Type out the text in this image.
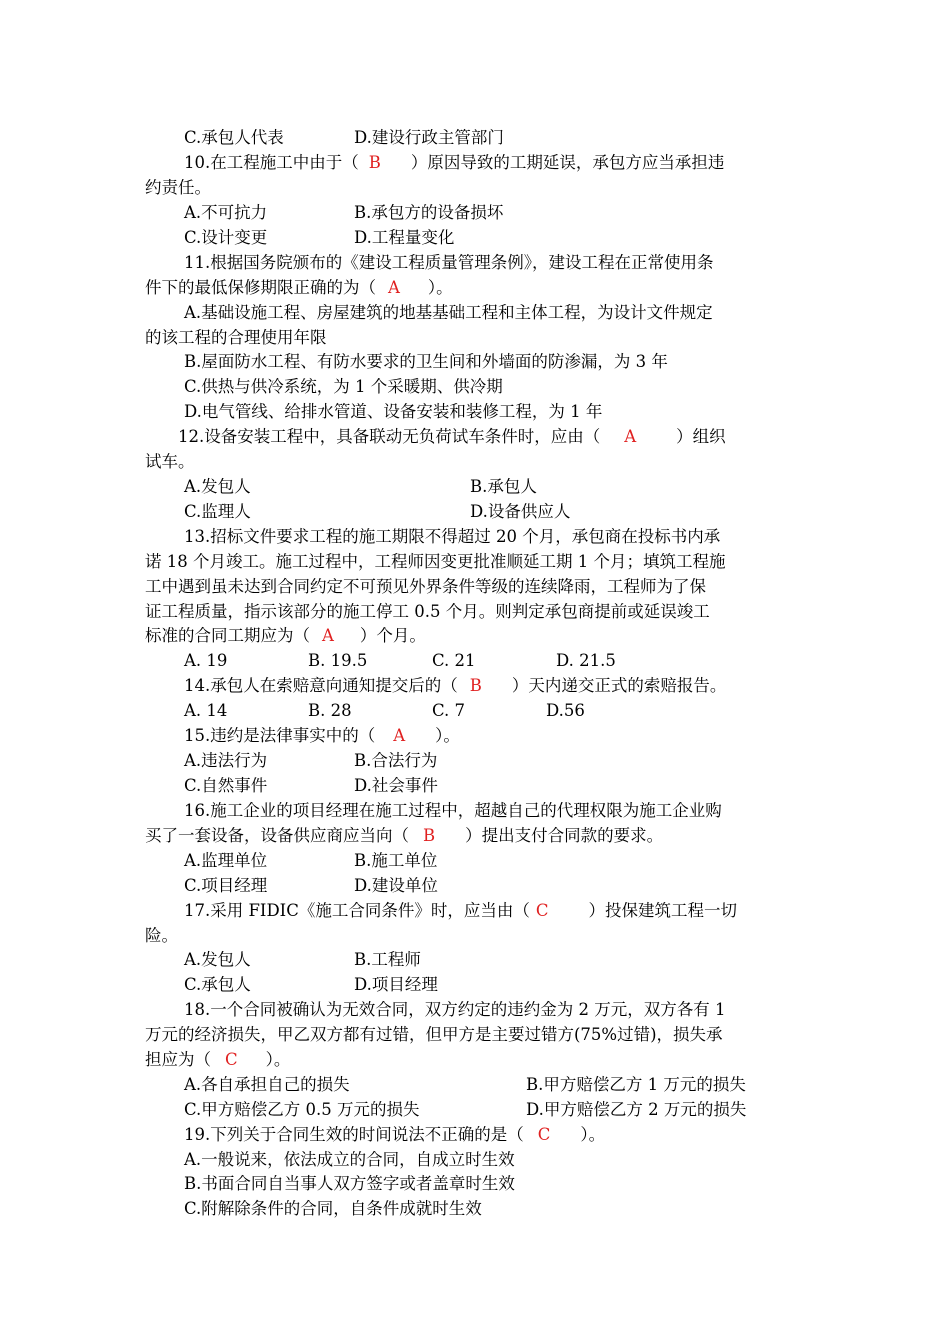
C.承包人代表	D.建设行政主管部门
10.在工程施工中由于（ B ）原因导致的工期延误，承包方应当承担违
约责任。
A.不可抗力	B.承包方的设备损坏
C.设计变更	D.工程量变化
11.根据国务院颁布的《建设工程质量管理条例》，建设工程在正常使用条
件下的最低保修期限正确的为（ A ）。
A.基础设施工程、房屋建筑的地基基础工程和主体工程，为设计文件规定
的该工程的合理使用年限
B.屋面防水工程、有防水要求的卫生间和外墙面的防渗漏，为 3 年
C.供热与供冷系统，为 1 个采暖期、供冷期
D.电气管线、给排水管道、设备安装和装修工程，为 1 年
12.设备安装工程中，具备联动无负荷试车条件时，应由（ A ）组织
试车。
A.发包人	B.承包人
C.监理人	D.设备供应人
13.招标文件要求工程的施工期限不得超过 20 个月，承包商在投标书内承
诺 18 个月竣工。施工过程中，工程师因变更批准顺延工期 1 个月；填筑工程施
工中遇到虽未达到合同约定不可预见外界条件等级的连续降雨，工程师为了保
证工程质量，指示该部分的施工停工 0.5 个月。则判定承包商提前或延误竣工
标准的合同工期应为（ A ）个月。
A. 19	B. 19.5	C. 21	D. 21.5
14.承包人在索赔意向通知提交后的（ B ）天内递交正式的索赔报告。
A. 14	B. 28	C. 7	D.56
15.违约是法律事实中的（ A ）。
A.违法行为	B.合法行为
C.自然事件	D.社会事件
16.施工企业的项目经理在施工过程中，超越自己的代理权限为施工企业购
买了一套设备，设备供应商应当向（ B ）提出支付合同款的要求。
A.监理单位	B.施工单位
C.项目经理	D.建设单位
17.采用 FIDIC《施工合同条件》时，应当由（ C ）投保建筑工程一切
险。
A.发包人	B.工程师
C.承包人	D.项目经理
18.一个合同被确认为无效合同，双方约定的违约金为 2 万元，双方各有 1
万元的经济损失，甲乙双方都有过错，但甲方是主要过错方(75%过错)，损失承
担应为（ C ）。
A.各自承担自己的损失	B.甲方赔偿乙方 1 万元的损失
C.甲方赔偿乙方 0.5 万元的损失	D.甲方赔偿乙方 2 万元的损失
19.下列关于合同生效的时间说法不正确的是（ C ）。
A.一般说来，依法成立的合同，自成立时生效
B.书面合同自当事人双方签字或者盖章时生效
C.附解除条件的合同，自条件成就时生效
